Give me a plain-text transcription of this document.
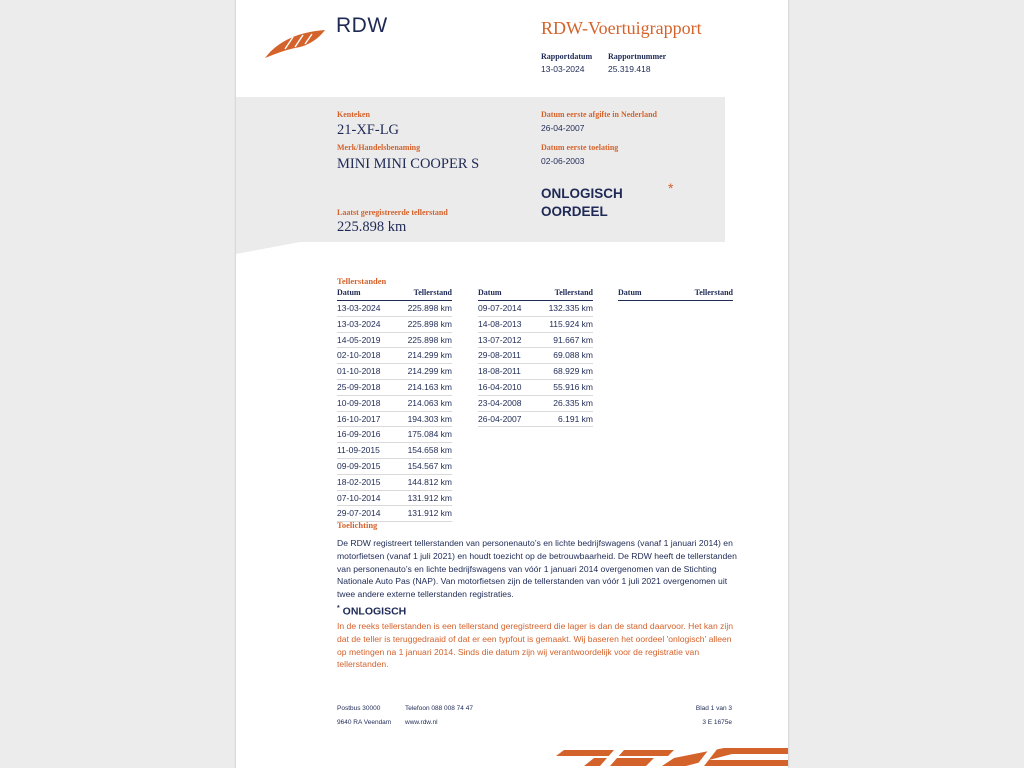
RDW	RDW-Voertuigrapport
Rapportdatum
13-03-2024
Rapportnummer
25.319.418
Kenteken
21-XF-LG
Merk/Handelsbenaming
MINI MINI COOPER S
Laatst geregistreerde tellerstand
225.898 km
Datum eerste afgifte in Nederland
26-04-2007
Datum eerste toelating
02-06-2003
ONLOGISCH
OORDEEL
*
Tellerstanden
Datum	Tellerstand
13-03-2024	225.898 km
13-03-2024	225.898 km
14-05-2019	225.898 km
02-10-2018	214.299 km
01-10-2018	214.299 km
25-09-2018	214.163 km
10-09-2018	214.063 km
16-10-2017	194.303 km
16-09-2016	175.084 km
11-09-2015	154.658 km
09-09-2015	154.567 km
18-02-2015	144.812 km
07-10-2014	131.912 km
29-07-2014	131.912 km
Datum	Tellerstand
09-07-2014	132.335 km
14-08-2013	115.924 km
13-07-2012	91.667 km
29-08-2011	69.088 km
18-08-2011	68.929 km
16-04-2010	55.916 km
23-04-2008	26.335 km
26-04-2007	6.191 km
Datum	Tellerstand
Toelichting
De RDW registreert tellerstanden van personenauto’s en lichte bedrijfswagens (vanaf 1 januari 2014) en motorfietsen (vanaf 1 juli 2021) en houdt toezicht op de betrouwbaarheid. De RDW heeft de tellerstanden van personenauto’s en lichte bedrijfswagens van vóór 1 januari 2014 overgenomen van de Stichting Nationale Auto Pas (NAP). Van motorfietsen zijn de tellerstanden van vóór 1 juli 2021 overgenomen uit twee andere externe tellerstanden registraties.
* ONLOGISCH
In de reeks tellerstanden is een tellerstand geregistreerd die lager is dan de stand daarvoor. Het kan zijn dat de teller is teruggedraaid of dat er een typfout is gemaakt. Wij baseren het oordeel 'onlogisch' alleen op metingen na 1 januari 2014. Sinds die datum zijn wij verantwoordelijk voor de registratie van tellerstanden.
Postbus 30000
9640 RA Veendam
Telefoon 088 008 74 47
www.rdw.nl
Blad 1 van 3
3 E 1675e
